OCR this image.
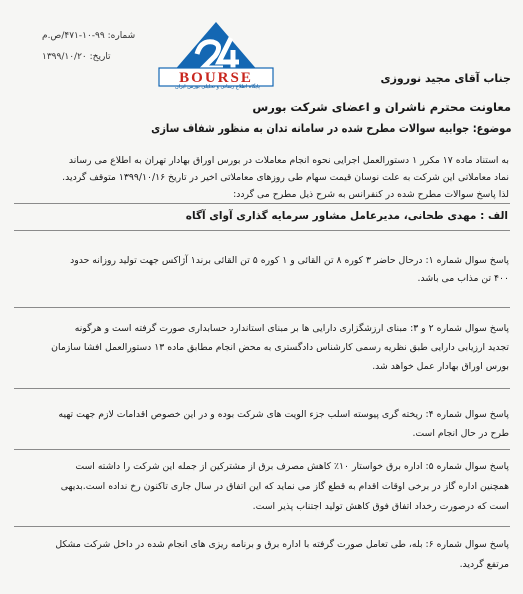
شماره: ۹۹-۱۰-۴۷۱/ص.م
تاریخ: ۱۳۹۹/۱۰/۲۰
BOURSE
پایگاه اطلاع رسانی و تحلیلی بورس ایران
جناب آقای مجید نوروزی
معاونت محترم ناشران و اعضای شرکت بورس
موضوع: جوابیه سوالات مطرح شده در سامانه تدان به منظور شفاف سازی
به استناد ماده ۱۷ مکرر ۱ دستورالعمل اجرایی نحوه انجام معاملات در بورس اوراق بهادار تهران به اطلاع می رساند
نماد معاملاتی این شرکت به علت نوسان قیمت سهام طی روزهای معاملاتی اخیر در تاریخ ۱۳۹۹/۱۰/۱۶ متوقف گردید.
لذا پاسخ سوالات مطرح شده در کنفرانس به شرح ذیل مطرح می گردد:
الف : مهدی طحانی، مدیرعامل مشاور سرمایه گذاری آوای آگاه
پاسخ سوال شماره ۱: درحال حاضر ۳ کوره ۸ تن القائی و ۱ کوره ۵ تن القائی برند۱ آژاکس جهت تولید روزانه حدود
۴۰۰ تن مذاب می باشد.
پاسخ سوال شماره ۲ و ۳: مبنای ارزشگزاری دارایی ها بر مبنای استاندارد حسابداری صورت گرفته است و هرگونه
تجدید ارزیابی دارایی طبق نظریه رسمی کارشناس دادگستری به محض انجام مطابق ماده ۱۳ دستورالعمل افشا سازمان
بورس اوراق بهادار عمل خواهد شد.
پاسخ سوال شماره ۴: ریخته گری پیوسته اسلب جزء الویت های شرکت بوده و در این خصوص اقدامات لازم جهت تهیه
طرح در حال انجام است.
پاسخ سوال شماره ۵: اداره برق خواستار ۱۰٪ کاهش مصرف برق از مشترکین از جمله این شرکت را داشته است
همچنین اداره گاز در برخی اوقات اقدام به قطع گاز می نماید که این اتفاق در سال جاری تاکنون رخ نداده است.بدیهی
است که درصورت رخداد اتفاق فوق کاهش تولید اجتناب پذیر است.
پاسخ سوال شماره ۶: بله، طی تعامل صورت گرفته با اداره برق و برنامه ریزی های انجام شده در داخل شرکت مشکل
مرتفع گردید.
